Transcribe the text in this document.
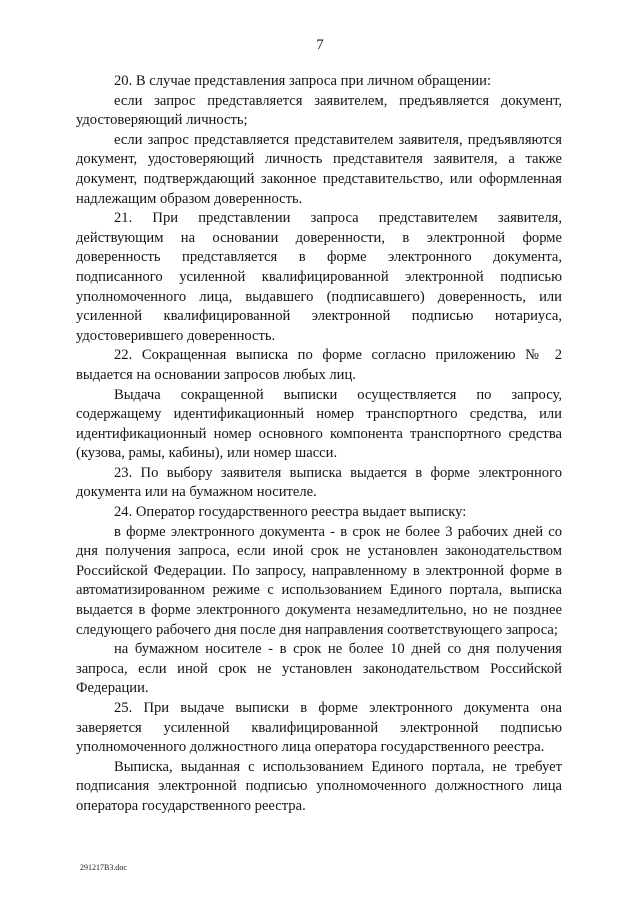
7

20. В случае представления запроса при личном обращении:

если запрос представляется заявителем, предъявляется документ, удостоверяющий личность;

если запрос представляется представителем заявителя, предъявляются документ, удостоверяющий личность представителя заявителя, а также документ, подтверждающий законное представительство, или оформленная надлежащим образом доверенность.

21. При представлении запроса представителем заявителя, действующим на основании доверенности, в электронной форме доверенность представляется в форме электронного документа, подписанного усиленной квалифицированной электронной подписью уполномоченного лица, выдавшего (подписавшего) доверенность, или усиленной квалифицированной электронной подписью нотариуса, удостоверившего доверенность.

22. Сокращенная выписка по форме согласно приложению № 2 выдается на основании запросов любых лиц.

Выдача сокращенной выписки осуществляется по запросу, содержащему идентификационный номер транспортного средства, или идентификационный номер основного компонента транспортного средства (кузова, рамы, кабины), или номер шасси.

23. По выбору заявителя выписка выдается в форме электронного документа или на бумажном носителе.

24. Оператор государственного реестра выдает выписку:

в форме электронного документа - в срок не более 3 рабочих дней со дня получения запроса, если иной срок не установлен законодательством Российской Федерации. По запросу, направленному в электронной форме в автоматизированном режиме с использованием Единого портала, выписка выдается в форме электронного документа незамедлительно, но не позднее следующего рабочего дня после дня направления соответствующего запроса;

на бумажном носителе - в срок не более 10 дней со дня получения запроса, если иной срок не установлен законодательством Российской Федерации.

25. При выдаче выписки в форме электронного документа она заверяется усиленной квалифицированной электронной подписью уполномоченного должностного лица оператора государственного реестра.

Выписка, выданная с использованием Единого портала, не требует подписания электронной подписью уполномоченного должностного лица оператора государственного реестра.

291217B3.doc
